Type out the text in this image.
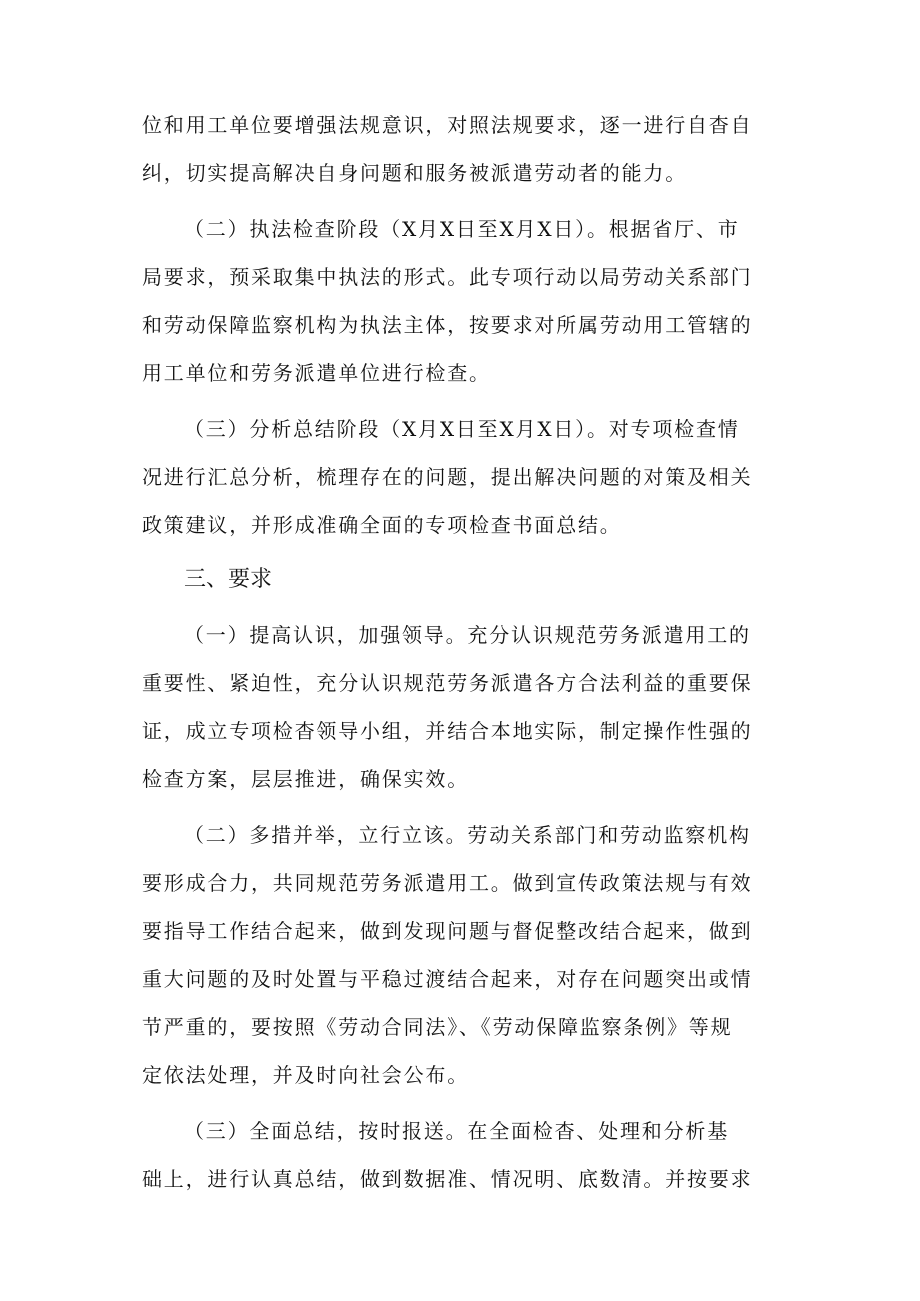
位和用工单位要增强法规意识，对照法规要求，逐一进行自杳自
纠，切实提高解决自身问题和服务被派遣劳动者的能力。

（二）执法检查阶段（X月X日至X月X日）。根据省厅、市
局要求，预采取集中执法的形式。此专项行动以局劳动关系部门
和劳动保障监察机构为执法主体，按要求对所属劳动用工管辖的
用工单位和劳务派遣单位进行检查。

（三）分析总结阶段（X月X日至X月X日）。对专项检查情
况进行汇总分析，梳理存在的问题，提出解决问题的对策及相关
政策建议，并形成准确全面的专项检查书面总结。

三、要求

（一）提高认识，加强领导。充分认识规范劳务派遣用工的
重要性、紧迫性，充分认识规范劳务派遣各方合法利益的重要保
证，成立专项检杳领导小组，并结合本地实际，制定操作性强的
检查方案，层层推进，确保实效。

（二）多措并举，立行立该。劳动关系部门和劳动监察机构
要形成合力，共同规范劳务派遣用工。做到宣传政策法规与有效
要指导工作结合起来，做到发现问题与督促整改结合起来，做到
重大问题的及时处置与平稳过渡结合起来，对存在问题突出或情
节严重的，要按照《劳动合同法》、《劳动保障监察条例》等规
定依法处理，并及时向社会公布。

（三）全面总结，按时报送。在全面检杳、处理和分析基
础上，进行认真总结，做到数据准、情况明、底数清。并按要求
